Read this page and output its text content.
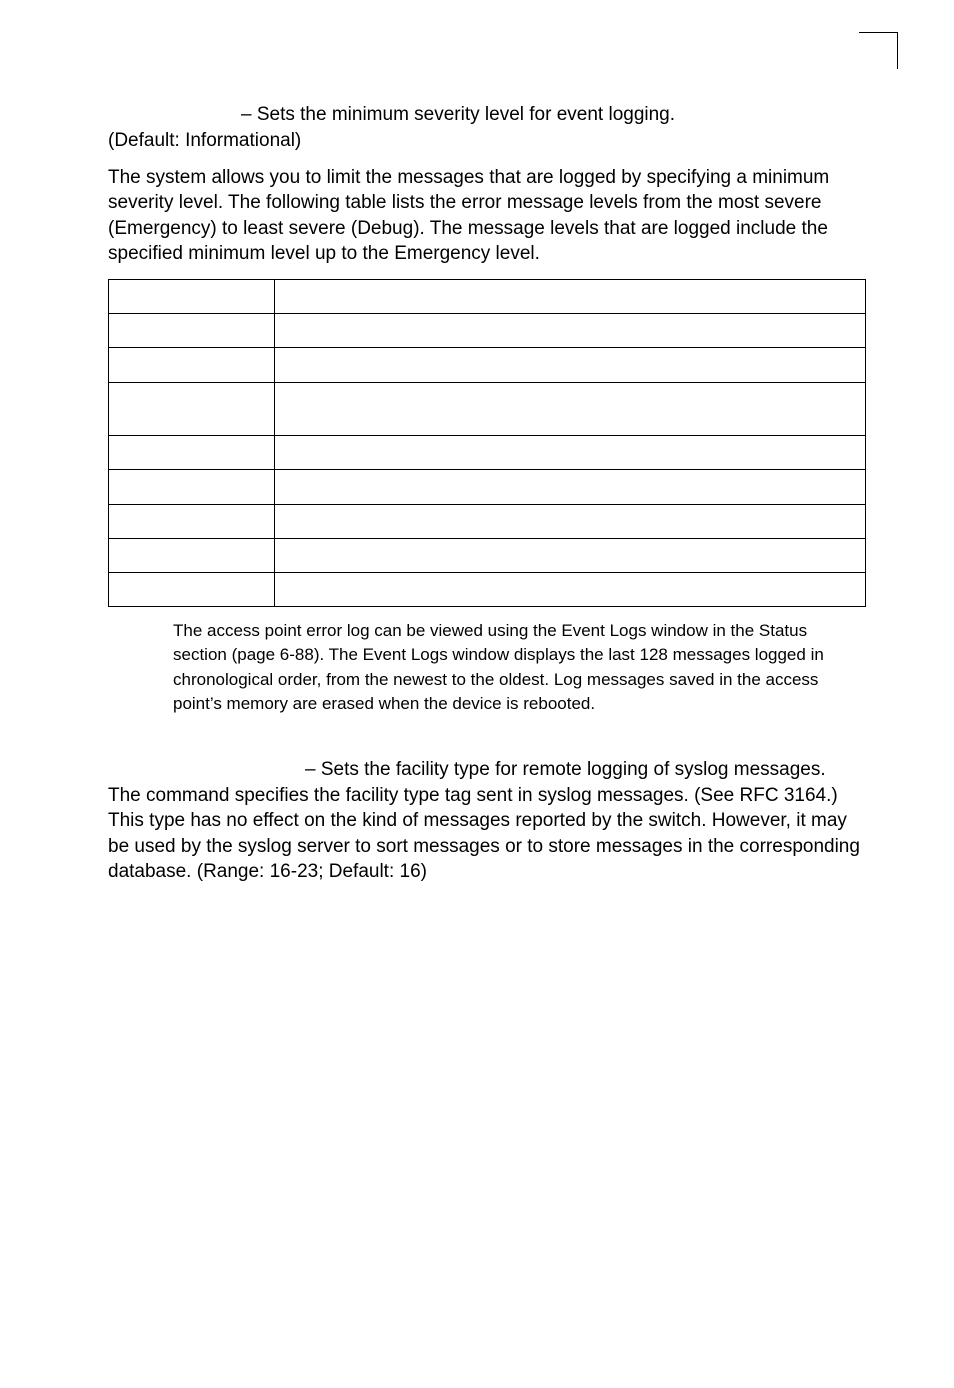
– Sets the minimum severity level for event logging.
(Default: Informational)
The system allows you to limit the messages that are logged by specifying a minimum severity level. The following table lists the error message levels from the most severe (Emergency) to least severe (Debug). The message levels that are logged include the specified minimum level up to the Emergency level.

The access point error log can be viewed using the Event Logs window in the Status section (page 6-88). The Event Logs window displays the last 128 messages logged in chronological order, from the newest to the oldest. Log messages saved in the access point’s memory are erased when the device is rebooted.
– Sets the facility type for remote logging of syslog messages.
The command specifies the facility type tag sent in syslog messages. (See RFC 3164.) This type has no effect on the kind of messages reported by the switch. However, it may be used by the syslog server to sort messages or to store messages in the corresponding database. (Range: 16-23; Default: 16)
